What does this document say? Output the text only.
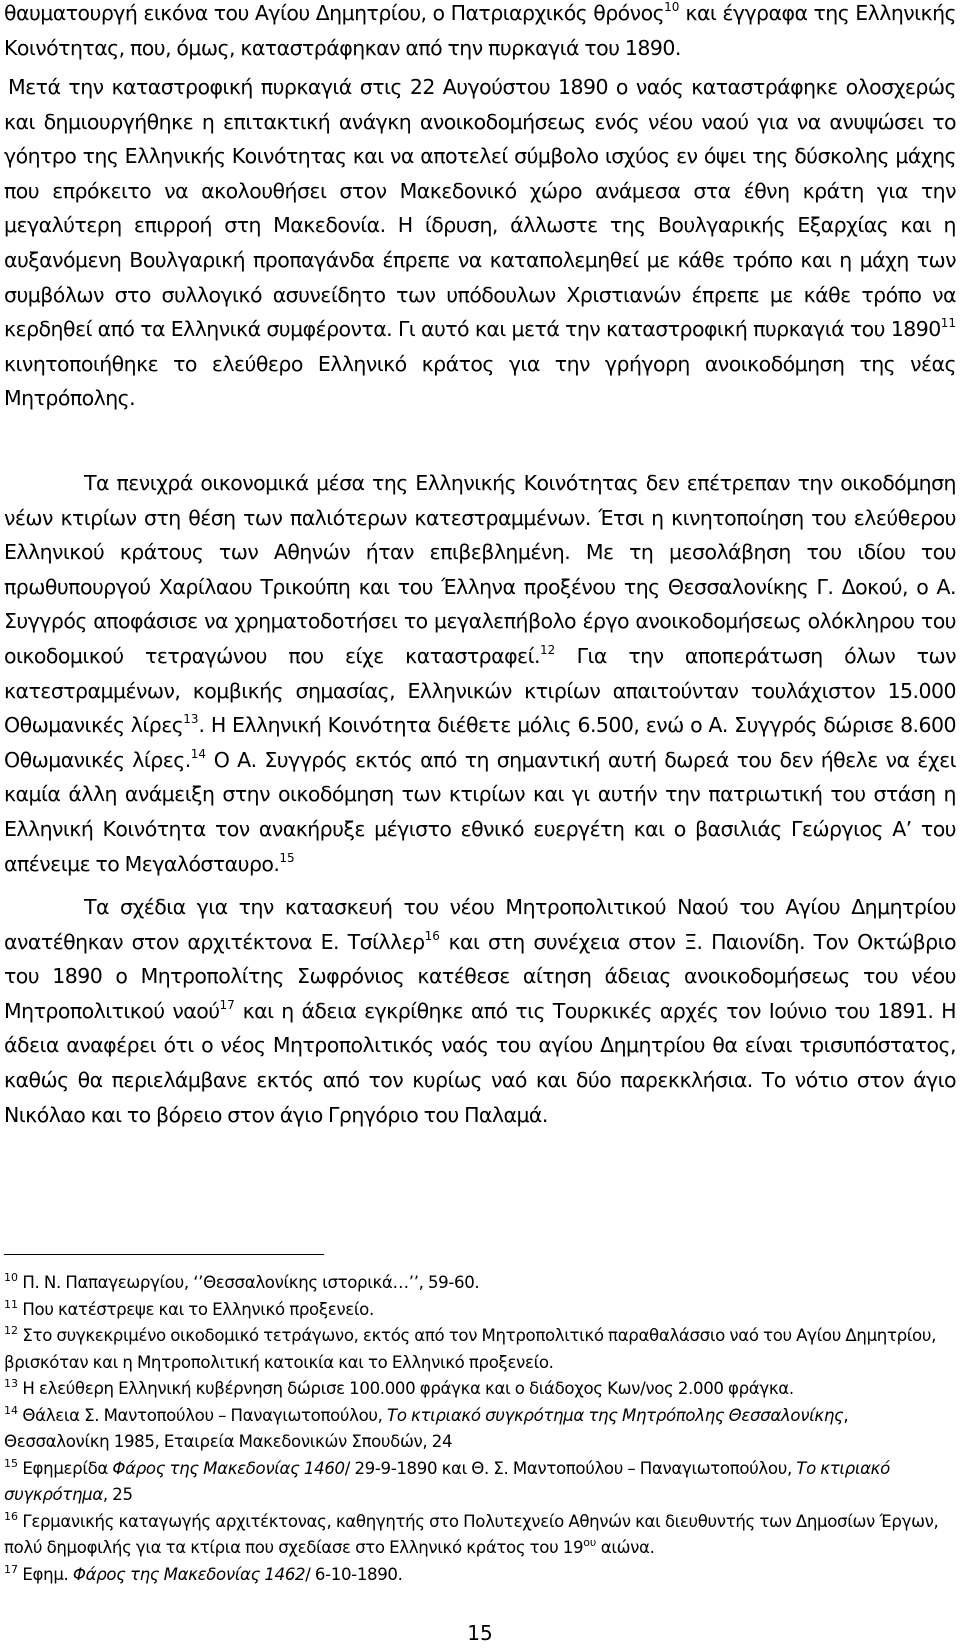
θαυματουργή εικόνα του Αγίου Δημητρίου, ο Πατριαρχικός θρόνος$^{10}$ και έγγραφα της Ελληνικής Κοινότητας, που, όμως, καταστράφηκαν από την πυρκαγιά του 1890.

Μετά την καταστροφική πυρκαγιά στις 22 Αυγούστου 1890 ο ναός καταστράφηκε ολοσχερώς και δημιουργήθηκε η επιτακτική ανάγκη ανοικοδομήσεως ενός νέου ναού για να ανυψώσει το γόητρο της Ελληνικής Κοινότητας και να αποτελεί σύμβολο ισχύος εν όψει της δύσκολης μάχης που επρόκειτο να ακολουθήσει στον Μακεδονικό χώρο ανάμεσα στα έθνη κράτη για την μεγαλύτερη επιρροή στη Μακεδονία. Η ίδρυση, άλλωστε της Βουλγαρικής Εξαρχίας και η αυξανόμενη Βουλγαρική προπαγάνδα έπρεπε να καταπολεμηθεί με κάθε τρόπο και η μάχη των συμβόλων στο συλλογικό ασυνείδητο των υπόδουλων Χριστιανών έπρεπε με κάθε τρόπο να κερδηθεί από τα Ελληνικά συμφέροντα. Γι αυτό και μετά την καταστροφική πυρκαγιά του 1890$^{11}$ κινητοποιήθηκε το ελεύθερο Ελληνικό κράτος για την γρήγορη ανοικοδόμηση της νέας Μητρόπολης.

Τα πενιχρά οικονομικά μέσα της Ελληνικής Κοινότητας δεν επέτρεπαν την οικοδόμηση νέων κτιρίων στη θέση των παλιότερων κατεστραμμένων. Έτσι η κινητοποίηση του ελεύθερου Ελληνικού κράτους των Αθηνών ήταν επιβεβλημένη. Με τη μεσολάβηση του ιδίου του πρωθυπουργού Χαρίλαου Τρικούπη και του Έλληνα προξένου της Θεσσαλονίκης Γ. Δοκού, ο Α. Συγγρός αποφάσισε να χρηματοδοτήσει το μεγαλεπήβολο έργο ανοικοδομήσεως ολόκληρου του οικοδομικού τετραγώνου που είχε καταστραφεί.$^{12}$ Για την αποπεράτωση όλων των κατεστραμμένων, κομβικής σημασίας, Ελληνικών κτιρίων απαιτούνταν τουλάχιστον 15.000 Οθωμανικές λίρες$^{13}$. Η Ελληνική Κοινότητα διέθετε μόλις 6.500, ενώ ο Α. Συγγρός δώρισε 8.600 Οθωμανικές λίρες.$^{14}$ Ο Α. Συγγρός εκτός από τη σημαντική αυτή δωρεά του δεν ήθελε να έχει καμία άλλη ανάμειξη στην οικοδόμηση των κτιρίων και γι αυτήν την πατριωτική του στάση η Ελληνική Κοινότητα τον ανακήρυξε μέγιστο εθνικό ευεργέτη και ο βασιλιάς Γεώργιος Α’ του απένειμε το Μεγαλόσταυρο.$^{15}$

Τα σχέδια για την κατασκευή του νέου Μητροπολιτικού Ναού του Αγίου Δημητρίου ανατέθηκαν στον αρχιτέκτονα Ε. Τσίλλερ$^{16}$ και στη συνέχεια στον Ξ. Παιονίδη. Τον Οκτώβριο του 1890 ο Μητροπολίτης Σωφρόνιος κατέθεσε αίτηση άδειας ανοικοδομήσεως του νέου Μητροπολιτικού ναού$^{17}$ και η άδεια εγκρίθηκε από τις Τουρκικές αρχές τον Ιούνιο του 1891. Η άδεια αναφέρει ότι ο νέος Μητροπολιτικός ναός του αγίου Δημητρίου θα είναι τρισυπόστατος, καθώς θα περιελάμβανε εκτός από τον κυρίως ναό και δύο παρεκκλήσια. Το νότιο στον άγιο Νικόλαο και το βόρειο στον άγιο Γρηγόριο του Παλαμά.

$^{10}$ Π. Ν. Παπαγεωργίου, ‘’Θεσσαλονίκης ιστορικά…’’, 59-60.

$^{11}$ Που κατέστρεψε και το Ελληνικό προξενείο.

$^{12}$ Στο συγκεκριμένο οικοδομικό τετράγωνο, εκτός από τον Μητροπολιτικό παραθαλάσσιο ναό του Αγίου Δημητρίου, βρισκόταν και η Μητροπολιτική κατοικία και το Ελληνικό προξενείο.

$^{13}$ Η ελεύθερη Ελληνική κυβέρνηση δώρισε 100.000 φράγκα και ο διάδοχος Κων/νος 2.000 φράγκα.

$^{14}$ Θάλεια Σ. Μαντοπούλου – Παναγιωτοπούλου, Το κτιριακό συγκρότημα της Μητρόπολης Θεσσαλονίκης, Θεσσαλονίκη 1985, Εταιρεία Μακεδονικών Σπουδών, 24

$^{15}$ Εφημερίδα Φάρος της Μακεδονίας 1460/ 29-9-1890 και Θ. Σ. Μαντοπούλου – Παναγιωτοπούλου, Το κτιριακό συγκρότημα, 25

$^{16}$ Γερμανικής καταγωγής αρχιτέκτονας, καθηγητής στο Πολυτεχνείο Αθηνών και διευθυντής των Δημοσίων Έργων, πολύ δημοφιλής για τα κτίρια που σχεδίασε στο Ελληνικό κράτος του $19^{o\upsilon}$ αιώνα.

$^{17}$ Εφημ. Φάρος της Μακεδονίας 1462/ 6-10-1890.

15
